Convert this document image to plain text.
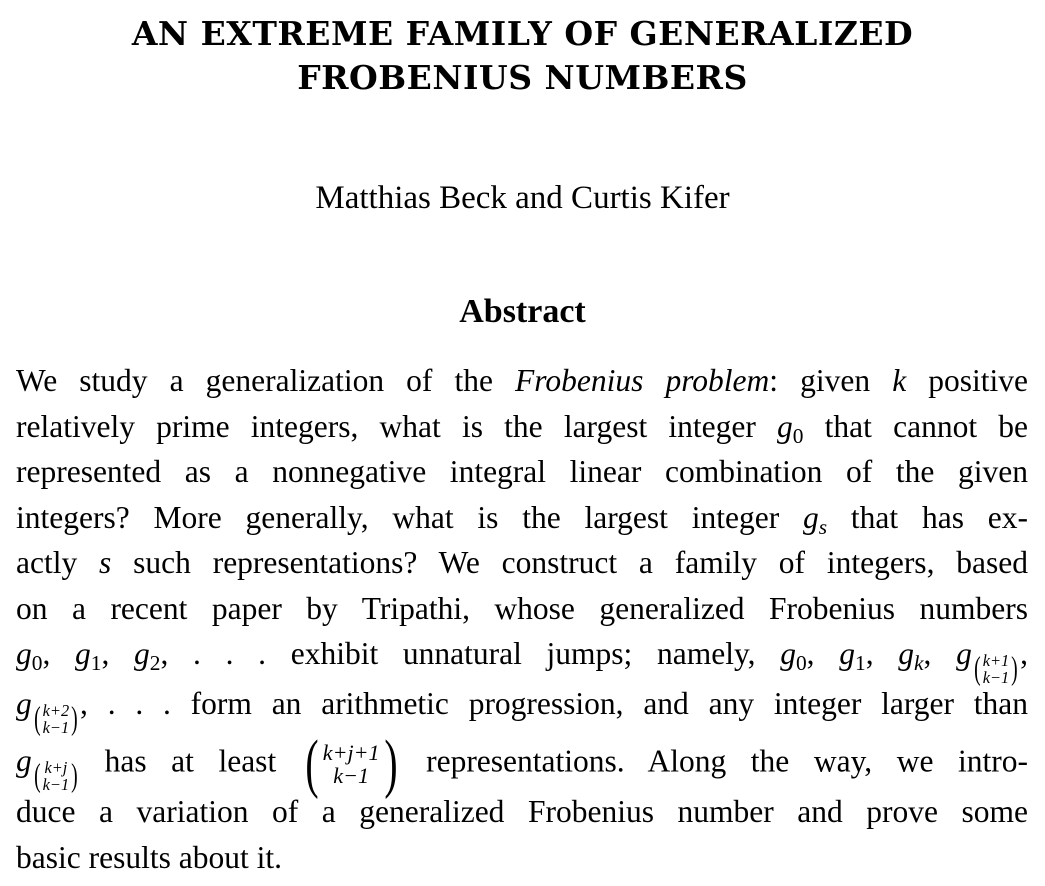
AN EXTREME FAMILY OF GENERALIZED
FROBENIUS NUMBERS
Matthias Beck and Curtis Kifer
Abstract
We study a generalization of the Frobenius problem: given k positive
relatively prime integers, what is the largest integer $g_0$ that cannot be
represented as a nonnegative integral linear combination of the given
integers? More generally, what is the largest integer $g_s$ that has ex-
actly s such representations? We construct a family of integers, based
on a recent paper by Tripathi, whose generalized Frobenius numbers
$g_0$, $g_1$, $g_2$, . . . exhibit unnatural jumps; namely, $g_0$, $g_1$, $g_k$, g ( k+1
k−1 ) ,
g ( k+2
k−1 ) , . . . form an arithmetic progression, and any integer larger than
g ( k+j
k−1 ) has at least ( k+j+1
k−1 ) representations. Along the way, we intro-
duce a variation of a generalized Frobenius number and prove some
basic results about it.
